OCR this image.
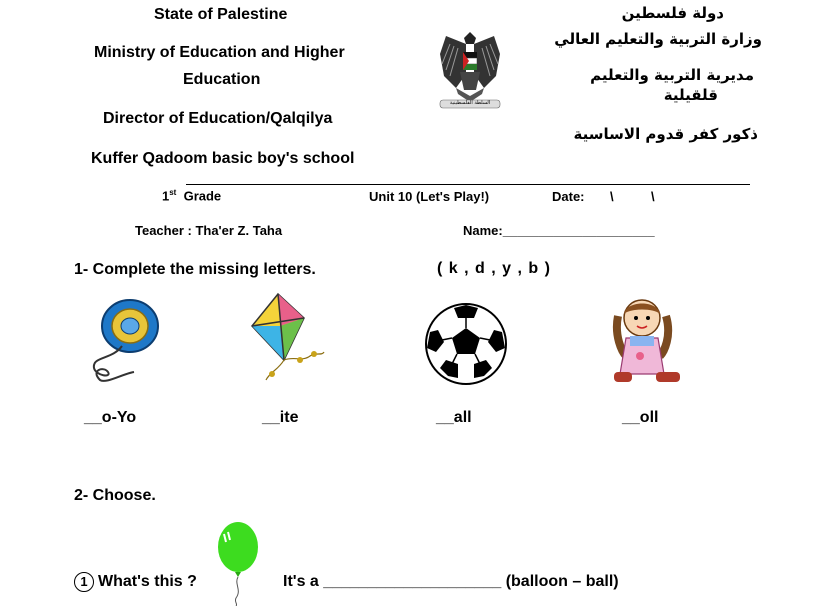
State of Palestine
Ministry of Education and Higher
Education
Director of Education/Qalqilya
Kuffer Qadoom basic boy's school
دولة فلسطين
وزارة التربية والتعليم العالي
مديرية التربية والتعليم
قلقيلية
ذكور كفر قدوم الاساسية
السلطة الفلسطينية
1st Grade	Unit 10 (Let's Play!)	Date: \	\
Teacher : Tha'er Z. Taha	Name:_____________________
1- Complete the missing letters.	( k , d , y , b )
__o-Yo	__ite	__all	__oll
2- Choose.
1 What's this ?	It's a ____________________ (balloon – ball)
